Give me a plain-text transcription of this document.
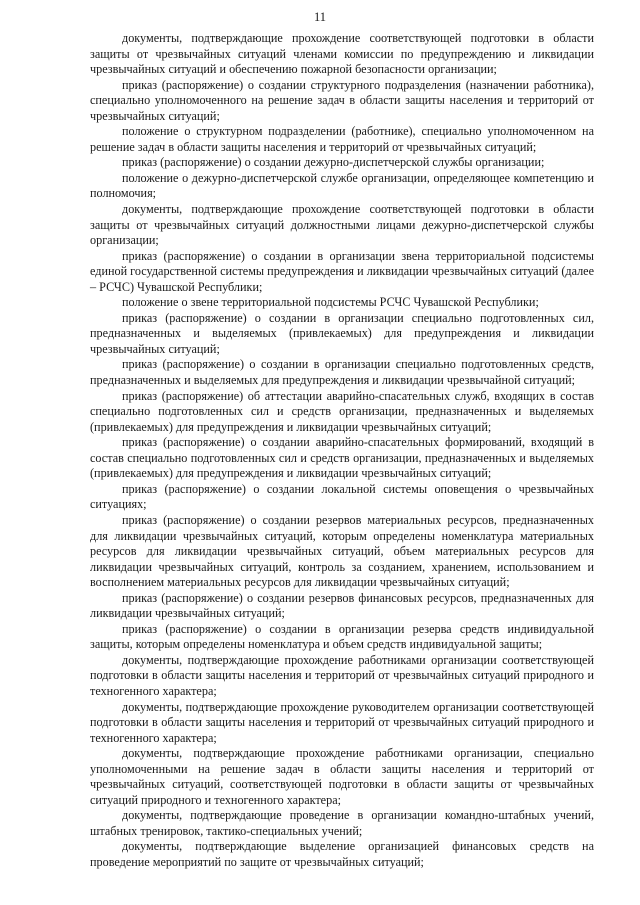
11

документы, подтверждающие прохождение соответствующей подготовки в области защиты от чрезвычайных ситуаций членами комиссии по предупреждению и ликвидации чрезвычайных ситуаций и обеспечению пожарной безопасности организации;

приказ (распоряжение) о создании структурного подразделения (назначении работника), специально уполномоченного на решение задач в области защиты населения и территорий от чрезвычайных ситуаций;

положение о структурном подразделении (работнике), специально уполномоченном на решение задач в области защиты населения и территорий от чрезвычайных ситуаций;

приказ (распоряжение) о создании дежурно-диспетчерской службы организации;

положение о дежурно-диспетчерской службе организации, определяющее компетенцию и полномочия;

документы, подтверждающие прохождение соответствующей подготовки в области защиты от чрезвычайных ситуаций должностными лицами дежурно-диспетчерской службы организации;

приказ (распоряжение) о создании в организации звена территориальной подсистемы единой государственной системы предупреждения и ликвидации чрезвычайных ситуаций (далее – РСЧС) Чувашской Республики;

положение о звене территориальной подсистемы РСЧС Чувашской Республики;

приказ (распоряжение) о создании в организации специально подготовленных сил, предназначенных и выделяемых (привлекаемых) для предупреждения и ликвидации чрезвычайных ситуаций;

приказ (распоряжение) о создании в организации специально подготовленных средств, предназначенных и выделяемых для предупреждения и ликвидации чрезвычайной ситуаций;

приказ (распоряжение) об аттестации аварийно-спасательных служб, входящих в состав специально подготовленных сил и средств организации, предназначенных и выделяемых (привлекаемых) для предупреждения и ликвидации чрезвычайных ситуаций;

приказ (распоряжение) о создании аварийно-спасательных формирований, входящий в состав специально подготовленных сил и средств организации, предназначенных и выделяемых (привлекаемых) для предупреждения и ликвидации чрезвычайных ситуаций;

приказ (распоряжение) о создании локальной системы оповещения о чрезвычайных ситуациях;

приказ (распоряжение) о создании резервов материальных ресурсов, предназначенных для ликвидации чрезвычайных ситуаций, которым определены номенклатура материальных ресурсов для ликвидации чрезвычайных ситуаций, объем материальных ресурсов для ликвидации чрезвычайных ситуаций, контроль за созданием, хранением, использованием и восполнением материальных ресурсов для ликвидации чрезвычайных ситуаций;

приказ (распоряжение) о создании резервов финансовых ресурсов, предназначенных для ликвидации чрезвычайных ситуаций;

приказ (распоряжение) о создании в организации резерва средств индивидуальной защиты, которым определены номенклатура и объем средств индивидуальной защиты;

документы, подтверждающие прохождение работниками организации соответствующей подготовки в области защиты населения и территорий от чрезвычайных ситуаций природного и техногенного характера;

документы, подтверждающие прохождение руководителем организации соответствующей подготовки в области защиты населения и территорий от чрезвычайных ситуаций природного и техногенного характера;

документы, подтверждающие прохождение работниками организации, специально уполномоченными на решение задач в области защиты населения и территорий от чрезвычайных ситуаций, соответствующей подготовки в области защиты от чрезвычайных ситуаций природного и техногенного характера;

документы, подтверждающие проведение в организации командно-штабных учений, штабных тренировок, тактико-специальных учений;

документы, подтверждающие выделение организацией финансовых средств на проведение мероприятий по защите от чрезвычайных ситуаций;
